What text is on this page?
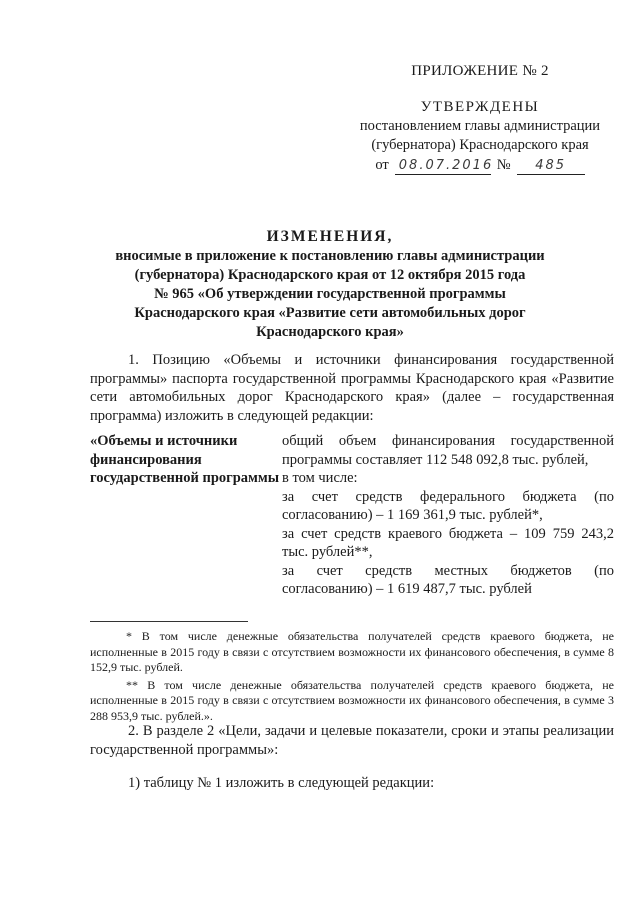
ПРИЛОЖЕНИЕ № 2
УТВЕРЖДЕНЫ
постановлением главы администрации
(губернатора) Краснодарского края
от 08.07.2016 №	485
ИЗМЕНЕНИЯ,
вносимые в приложение к постановлению главы администрации
(губернатора) Краснодарского края от 12 октября 2015 года
№ 965 «Об утверждении государственной программы
Краснодарского края «Развитие сети автомобильных дорог
Краснодарского края»
1. Позицию «Объемы и источники финансирования государственной программы» паспорта государственной программы Краснодарского края «Развитие сети автомобильных дорог Краснодарского края» (далее – государственная программа) изложить в следующей редакции:
«Объемы и источники финансирования государственной программы
общий объем финансирования государственной программы составляет 112 548 092,8 тыс. рублей,
в том числе:
за счет средств федерального бюджета (по согласованию) – 1 169 361,9 тыс. рублей*,
за счет средств краевого бюджета – 109 759 243,2 тыс. рублей**,
за счет средств местных бюджетов (по согласованию) – 1 619 487,7 тыс. рублей
* В том числе денежные обязательства получателей средств краевого бюджета, не исполненные в 2015 году в связи с отсутствием возможности их финансового обеспечения, в сумме 8 152,9 тыс. рублей.
** В том числе денежные обязательства получателей средств краевого бюджета, не исполненные в 2015 году в связи с отсутствием возможности их финансового обеспечения, в сумме 3 288 953,9 тыс. рублей.».
2. В разделе 2 «Цели, задачи и целевые показатели, сроки и этапы реализации государственной программы»:
1) таблицу № 1 изложить в следующей редакции:
